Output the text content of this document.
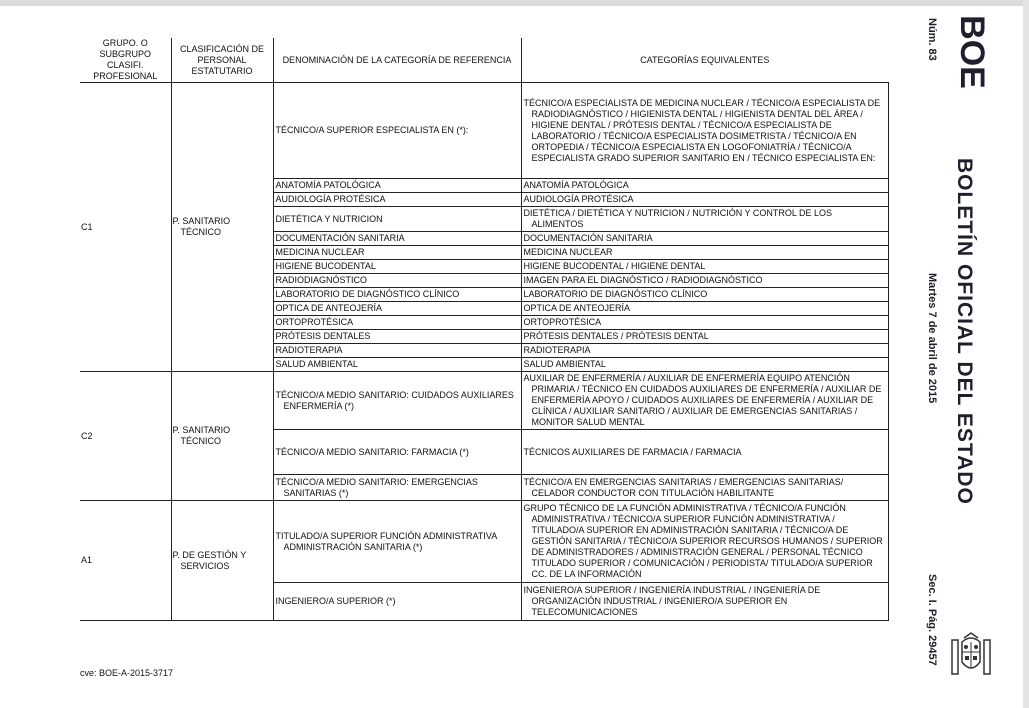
GRUPO. O SUBGRUPO CLASIFI. PROFESIONAL	CLASIFICACIÓN DE PERSONAL ESTATUTARIO	DENOMINACIÓN DE LA CATEGORÍA DE REFERENCIA	CATEGORÍAS EQUIVALENTES
C1	P. SANITARIO TÉCNICO	TÉCNICO/A SUPERIOR ESPECIALISTA EN (*):	TÉCNICO/A ESPECIALISTA DE MEDICINA NUCLEAR / TÉCNICO/A ESPECIALISTA DE RADIODIAGNÓSTICO / HIGIENISTA DENTAL / HIGIENISTA DENTAL DEL ÁREA / HIGIENE DENTAL / PRÓTESIS DENTAL / TÉCNICO/A ESPECIALISTA DE LABORATORIO / TÉCNICO/A ESPECIALISTA DOSIMETRISTA / TÉCNICO/A EN ORTOPEDIA / TÉCNICO/A ESPECIALISTA EN LOGOFONIATRÍA / TÉCNICO/A ESPECIALISTA GRADO SUPERIOR SANITARIO EN / TÉCNICO ESPECIALISTA EN:

		ANATOMÍA PATOLÓGICA	ANATOMÍA PATOLÓGICA
		AUDIOLOGÍA PROTÉSICA	AUDIOLOGÍA PROTÉSICA
		DIETÉTICA Y NUTRICION	DIETÉTICA / DIETÉTICA Y NUTRICION / NUTRICIÓN Y CONTROL DE LOS ALIMENTOS

		DOCUMENTACIÓN SANITARIA	DOCUMENTACIÓN SANITARIA
		MEDICINA NUCLEAR	MEDICINA NUCLEAR
		HIGIENE BUCODENTAL	HIGIENE BUCODENTAL / HIGIENE DENTAL
		RADIODIAGNÓSTICO	IMAGEN PARA EL DIAGNÓSTICO / RADIODIAGNÓSTICO
		LABORATORIO DE DIAGNÓSTICO CLÍNICO	LABORATORIO DE DIAGNÓSTICO CLÍNICO
		OPTICA DE ANTEOJERÍA	OPTICA DE ANTEOJERÍA
		ORTOPROTÉSICA	ORTOPROTÉSICA
		PRÓTESIS DENTALES	PRÓTESIS DENTALES / PRÓTESIS DENTAL
		RADIOTERAPIA	RADIOTERAPIA
		SALUD AMBIENTAL	SALUD AMBIENTAL
C2	P. SANITARIO TÉCNICO	TÉCNICO/A MEDIO SANITARIO: CUIDADOS AUXILIARES ENFERMERÍA (*)	AUXILIAR DE ENFERMERÍA / AUXILIAR DE ENFERMERÍA EQUIPO ATENCIÓN PRIMARIA / TÉCNICO EN CUIDADOS AUXILIARES DE ENFERMERÍA / AUXILIAR DE ENFERMERÍA APOYO / CUIDADOS AUXILIARES DE ENFERMERÍA / AUXILIAR DE CLÍNICA / AUXILIAR SANITARIO / AUXILIAR DE EMERGENCIAS SANITARIAS / MONITOR SALUD MENTAL

		TÉCNICO/A MEDIO SANITARIO: FARMACIA (*)	TÉCNICOS AUXILIARES DE FARMACIA / FARMACIA

		TÉCNICO/A MEDIO SANITARIO: EMERGENCIAS SANITARIAS (*)	TÉCNICO/A EN EMERGENCIAS SANITARIAS / EMERGENCIAS SANITARIAS/ CELADOR CONDUCTOR CON TITULACIÓN HABILITANTE

A1	P. DE GESTIÓN Y SERVICIOS	TITULADO/A SUPERIOR FUNCIÓN ADMINISTRATIVA ADMINISTRACIÓN SANITARIA (*)	GRUPO TÉCNICO DE LA FUNCIÓN ADMINISTRATIVA / TÉCNICO/A FUNCIÓN ADMINISTRATIVA / TÉCNICO/A SUPERIOR FUNCIÓN ADMINISTRATIVA / TITULADO/A SUPERIOR EN ADMINISTRACIÓN SANITARIA / TÉCNICO/A DE GESTIÓN SANITARIA / TÉCNICO/A SUPERIOR RECURSOS HUMANOS / SUPERIOR DE ADMINISTRADORES / ADMINISTRACIÓN GENERAL / PERSONAL TÉCNICO TITULADO SUPERIOR / COMUNICACIÓN / PERIODISTA/ TITULADO/A SUPERIOR CC. DE LA INFORMACIÓN

		INGENIERO/A SUPERIOR (*)	INGENIERO/A SUPERIOR / INGENIERÍA INDUSTRIAL / INGENIERÍA DE ORGANIZACIÓN INDUSTRIAL / INGENIERO/A SUPERIOR EN TELECOMUNICACIONES
BOE
Núm. 83
BOLETÍN OFICIAL DEL ESTADO
Martes 7 de abril de 2015
Sec. I. Pág. 29457
cve: BOE-A-2015-3717
